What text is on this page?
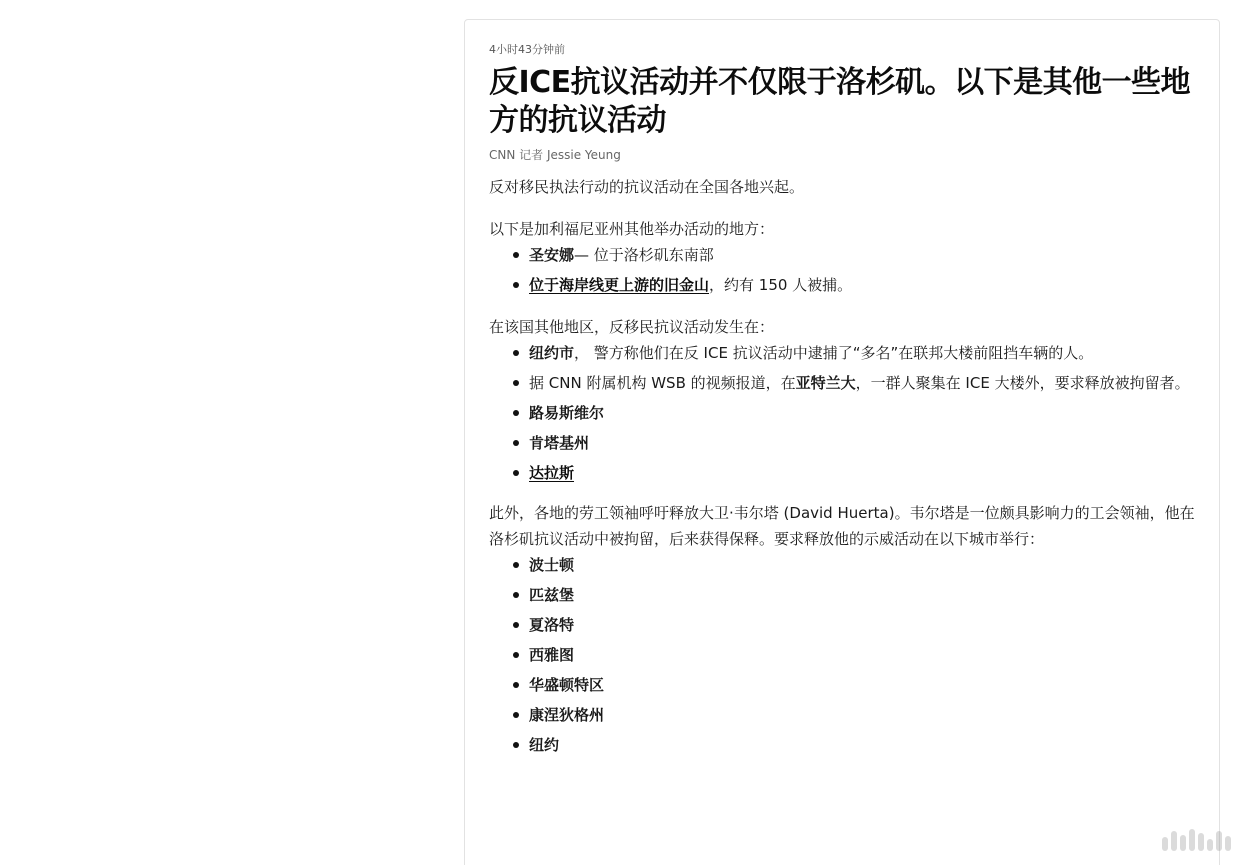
4小时43分钟前
反ICE抗议活动并不仅限于洛杉矶。以下是其他一些地方的抗议活动
CNN 记者 Jessie Yeung

反对移民执法行动的抗议活动在全国各地兴起。

以下是加利福尼亚州其他举办活动的地方：

圣安娜— 位于洛杉矶东南部
位于海岸线更上游的旧金山，约有 150 人被捕。

在该国其他地区，反移民抗议活动发生在：

纽约市， 警方称他们在反 ICE 抗议活动中逮捕了“多名”在联邦大楼前阻挡车辆的人。
据 CNN 附属机构 WSB 的视频报道，在亚特兰大，一群人聚集在 ICE 大楼外，要求释放被拘留者。
路易斯维尔
肯塔基州
达拉斯

此外，各地的劳工领袖呼吁释放大卫·韦尔塔 (David Huerta)。韦尔塔是一位颇具影响力的工会领袖，他在洛杉矶抗议活动中被拘留，后来获得保释。要求释放他的示威活动在以下城市举行：

波士顿
匹兹堡
夏洛特
西雅图
华盛顿特区
康涅狄格州
纽约
